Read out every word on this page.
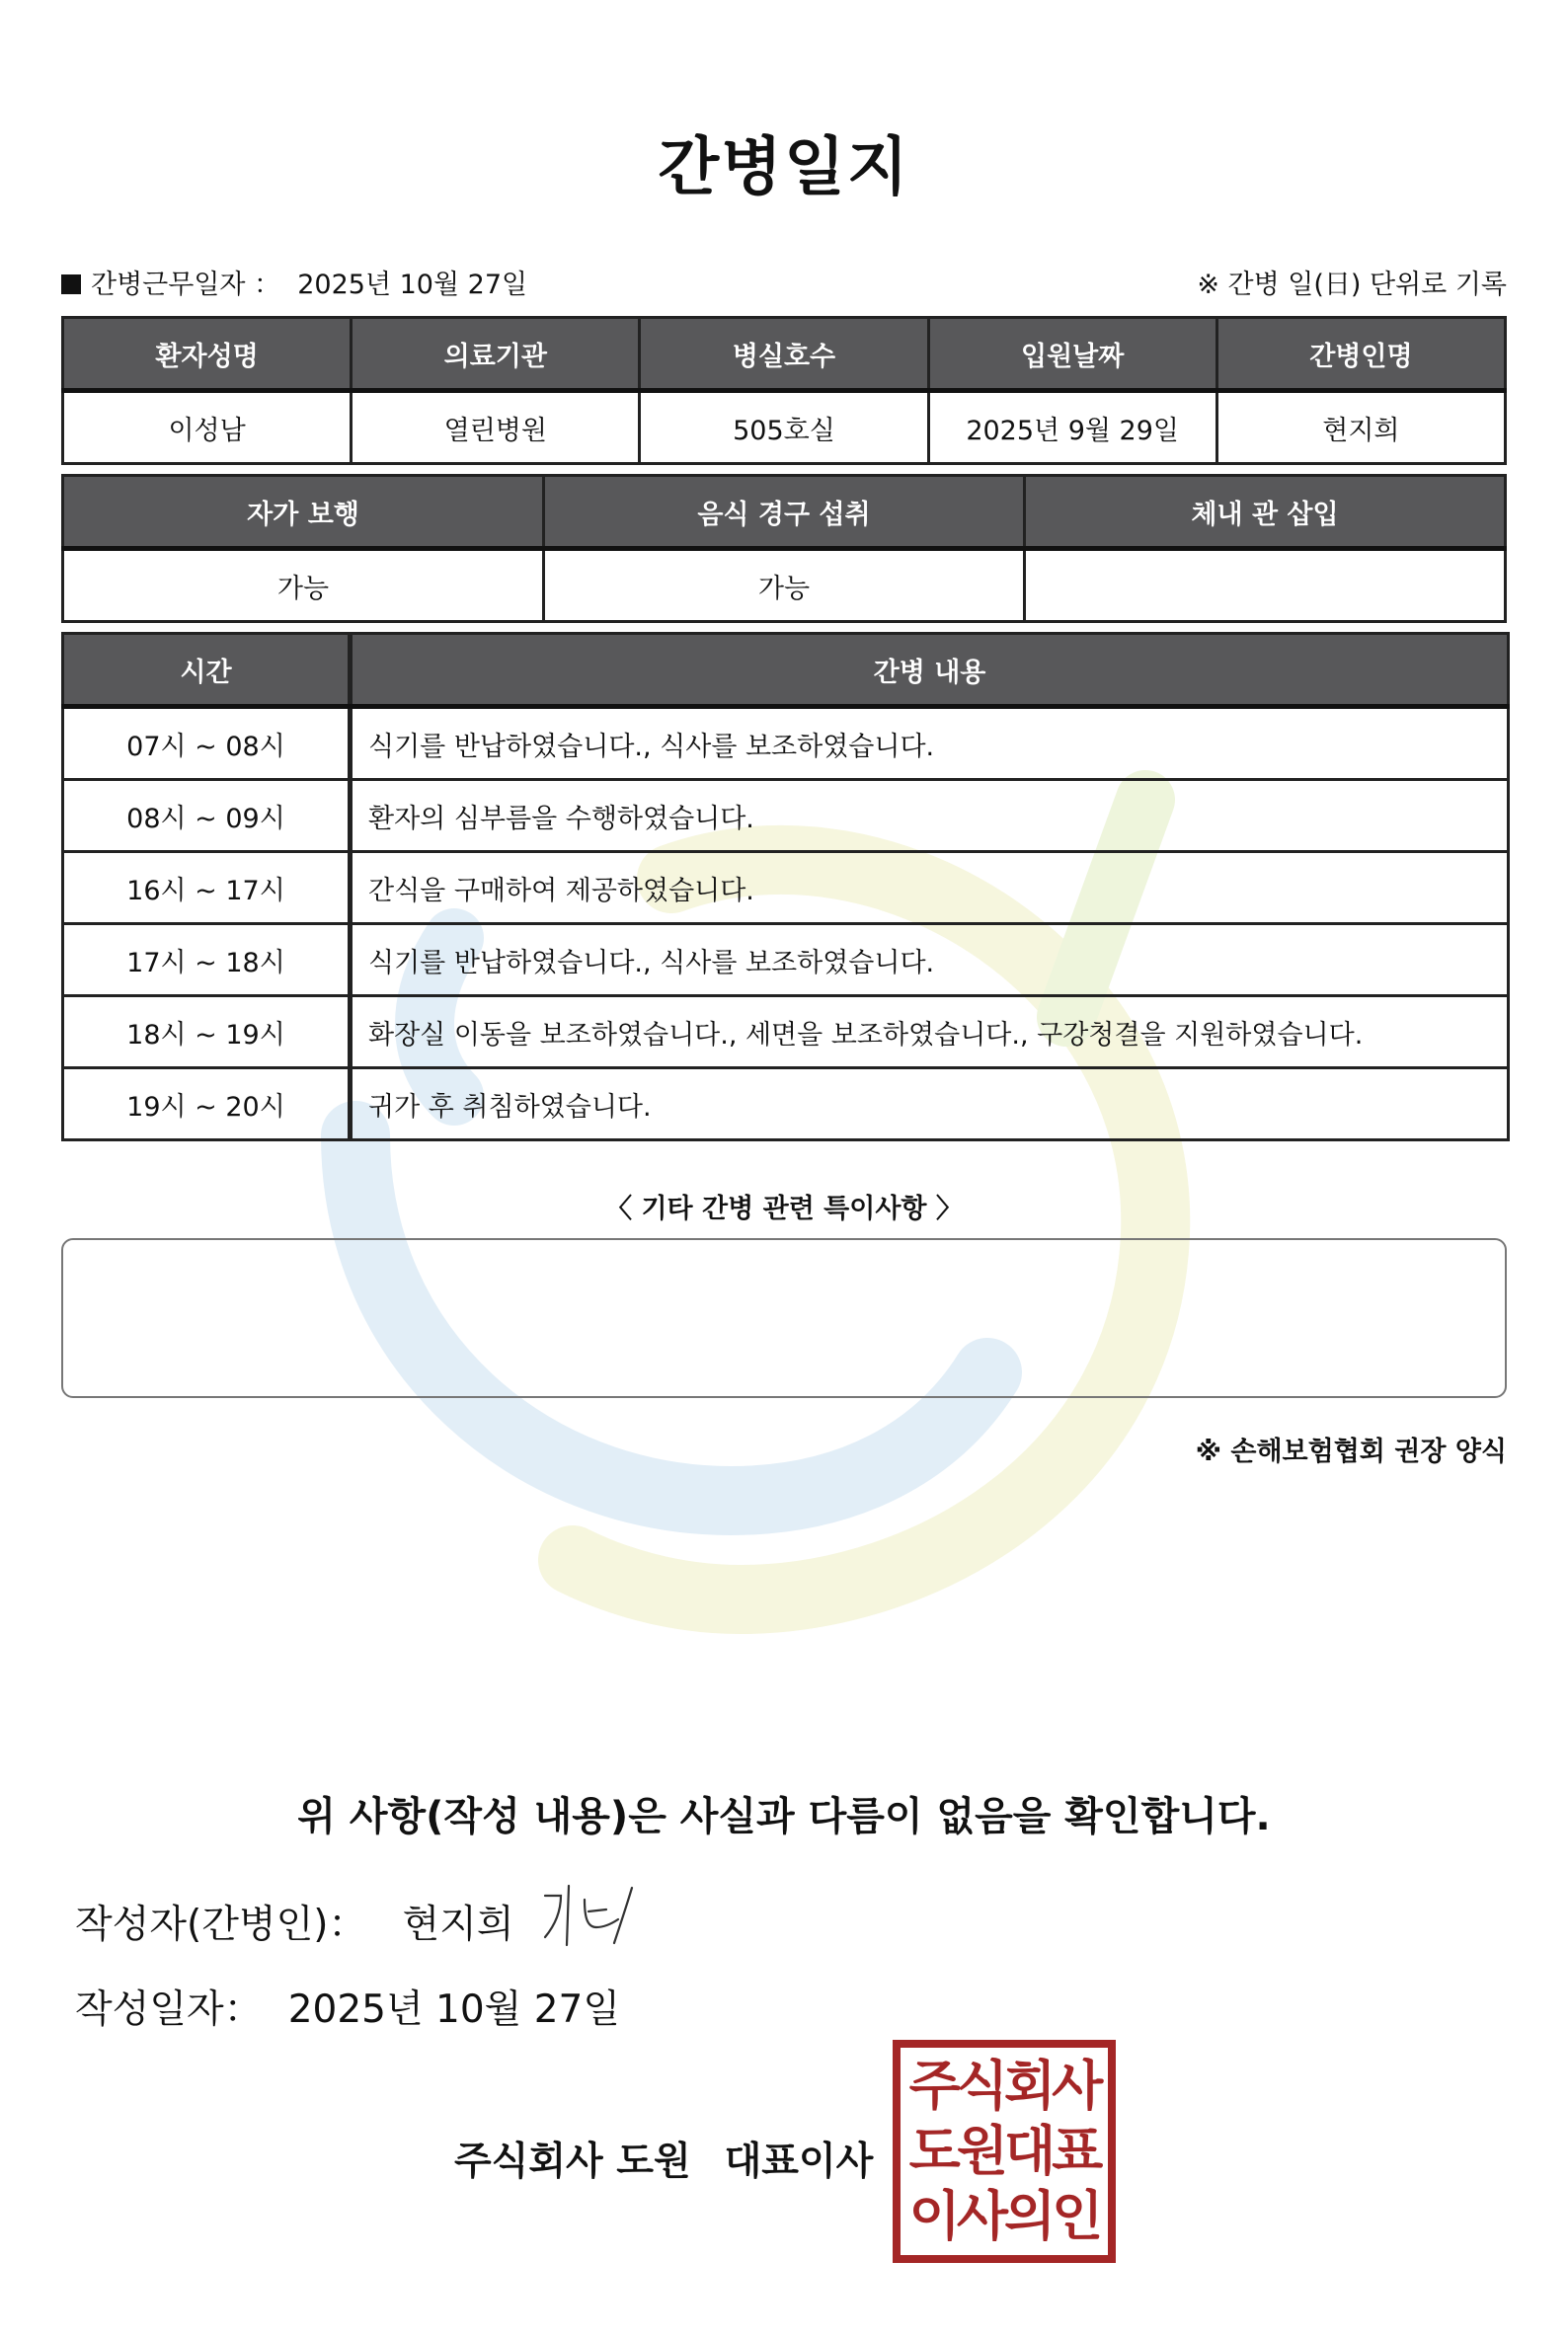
간병일지
간병근무일자 ： 2025년 10월 27일	※ 간병 일(日) 단위로 기록
환자성명	의료기관	병실호수	입원날짜	간병인명
이성남	열린병원	505호실	2025년 9월 29일	현지희
자가 보행	음식 경구 섭취	체내 관 삽입
가능	가능	
시간	간병 내용
07시 ~ 08시	식기를 반납하였습니다., 식사를 보조하였습니다.
08시 ~ 09시	환자의 심부름을 수행하였습니다.
16시 ~ 17시	간식을 구매하여 제공하였습니다.
17시 ~ 18시	식기를 반납하였습니다., 식사를 보조하였습니다.
18시 ~ 19시	화장실 이동을 보조하였습니다., 세면을 보조하였습니다., 구강청결을 지원하였습니다.
19시 ~ 20시	귀가 후 취침하였습니다.
〈 기타 간병 관련 특이사항 〉
※ 손해보험협회 권장 양식
위 사항(작성 내용)은 사실과 다름이 없음을 확인합니다.
작성자(간병인)： 현지희
작성일자： 2025년 10월 27일
주식회사 도원 대표이사
주식회사
도원대표
이사의인
